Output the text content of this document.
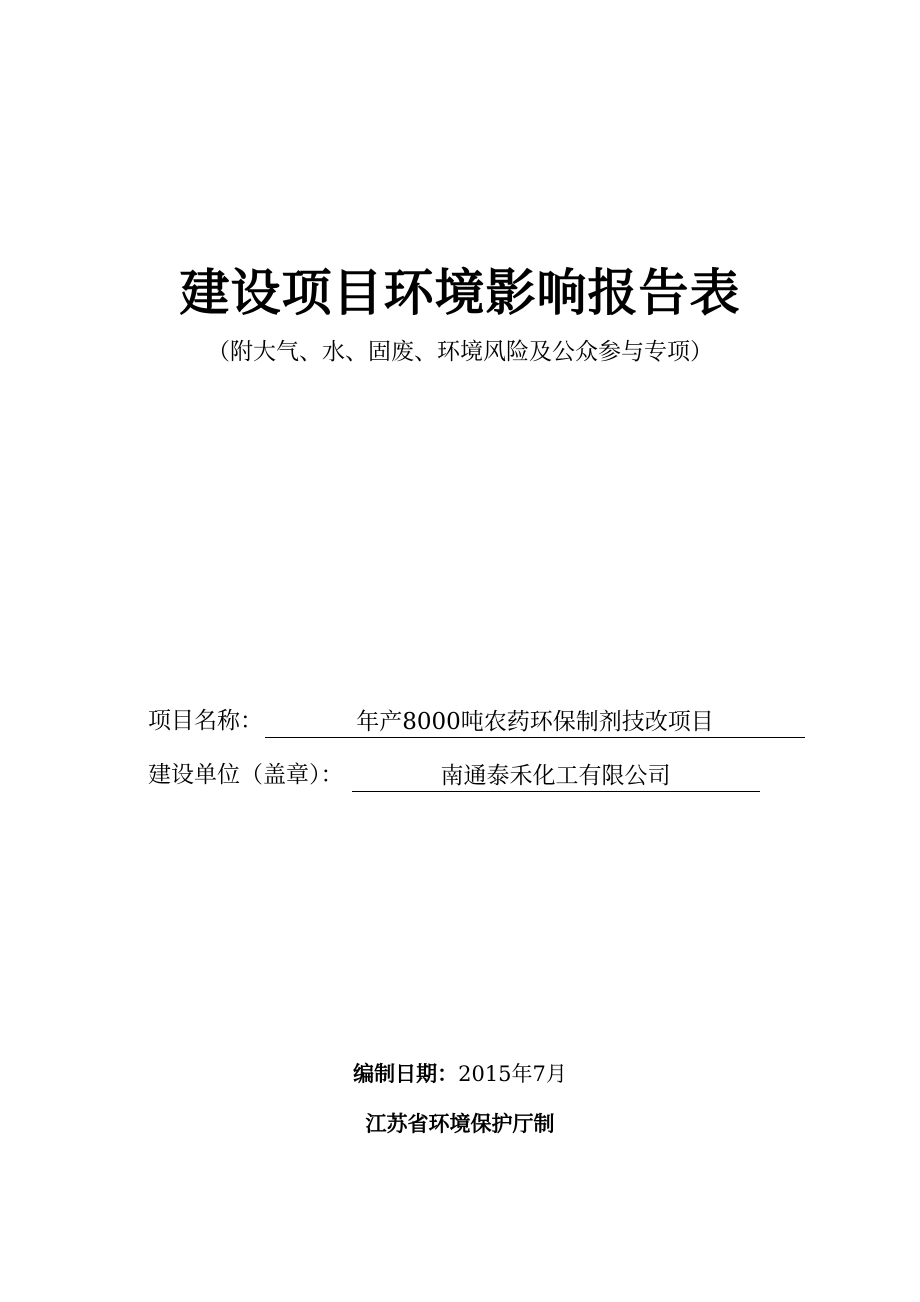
建设项目环境影响报告表
（附大气、水、固废、环境风险及公众参与专项）
项目名称：	年产8000吨农药环保制剂技改项目
建设单位（盖章）：	南通泰禾化工有限公司
编制日期：2015年7月
江苏省环境保护厅制
